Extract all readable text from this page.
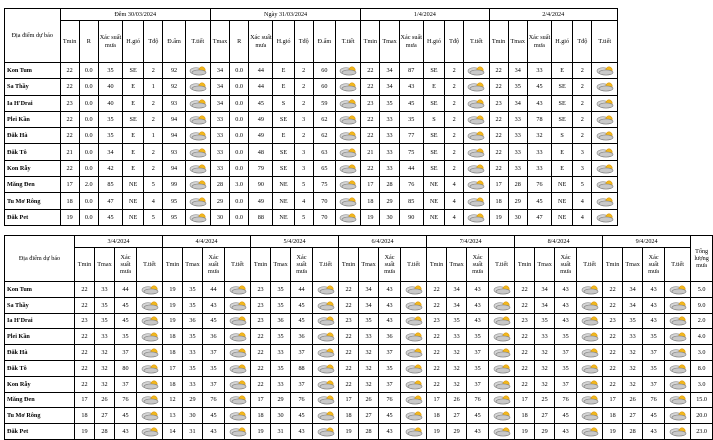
Địa điểm dự báo	Đêm 30/03/2024							Ngày 31/03/2024							1/4/2024						2/4/2024					
	Tmin	R	Xác suất mưa	H.gió	Tđộ	Đ.ẩm	T.tiết	Tmax	R	Xác suất mưa	H.gió	Tđộ	Đ.ẩm	T.tiết	Tmin	Tmax	Xác suất mưa	H.gió	Tđộ	T.tiết	Tmin	Tmax	Xác suất mưa	H.gió	Tđộ	T.tiết
Kon Tum	22	0.0	35	SE	2	92		34	0.0	44	E	2	60		22	34	87	SE	2		22	34	33	E	2	

Sa Thầy	22	0.0	40	E	1	92		34	0.0	44	E	2	60		22	34	43	E	2		22	35	45	SE	2	

Ia H'Drai	23	0.0	40	E	2	93		34	0.0	45	S	2	59		23	35	45	SE	2		23	34	43	SE	2	

Plei Kần	22	0.0	35	SE	2	94		33	0.0	49	SE	3	62		22	33	35	S	2		22	33	78	SE	2	

Đăk Hà	22	0.0	35	E	1	94		33	0.0	49	E	2	62		22	33	77	SE	2		22	33	32	S	2	

Đăk Tô	21	0.0	34	E	2	93		33	0.0	48	SE	3	63		21	33	75	SE	2		22	33	33	E	3	

Kon Rẫy	22	0.0	42	E	2	94		33	0.0	79	SE	3	65		22	33	44	SE	2		22	33	33	E	3	

Măng Đen	17	2.0	85	NE	5	99		28	3.0	90	NE	5	75		17	28	76	NE	4		17	28	76	NE	5	

Tu Mơ Rông	18	0.0	47	NE	4	95		29	0.0	49	NE	4	70		18	29	85	NE	4		18	29	45	NE	4	

Đăk Pet	19	0.0	45	NE	5	95		30	0.0	88	NE	5	70		19	30	90	NE	4		19	30	47	NE	4	
Địa điểm dự báo	3/4/2024				4/4/2024				5/4/2024				6/4/2024				7/4/2024				8/4/2024				9/4/2024				Tổng lượng mưa
	Tmin	Tmax	Xác suất mưa	T.tiết	Tmin	Tmax	Xác suất mưa	T.tiết	Tmin	Tmax	Xác suất mưa	T.tiết	Tmin	Tmax	Xác suất mưa	T.tiết	Tmin	Tmax	Xác suất mưa	T.tiết	Tmin	Tmax	Xác suất mưa	T.tiết	Tmin	Tmax	Xác suất mưa	T.tiết	
Kon Tum	22	33	44		19	35	44		23	35	44		22	34	43		22	34	43		22	34	43		22	34	43		5.0
Sa Thầy	22	35	45		19	35	43		23	35	45		22	34	43		22	34	43		22	34	43		22	34	43		9.0
Ia H'Drai	23	35	45		19	36	45		23	36	45		23	35	43		23	35	43		23	35	43		23	35	43		2.0
Plei Kần	22	33	35		18	35	36		22	35	36		22	33	36		22	33	35		22	33	35		22	33	35		4.0
Đăk Hà	22	32	37		18	33	37		22	33	37		22	32	37		22	32	37		22	32	37		22	32	37		3.0
Đăk Tô	22	32	80		17	35	35		22	35	88		22	32	35		22	32	35		22	32	35		22	32	35		8.0
Kon Rẫy	22	32	37		18	33	37		22	33	37		22	32	37		22	32	37		22	32	37		22	32	37		3.0
Măng Đen	17	26	76		12	29	76		17	29	76		17	26	76		17	26	76		17	25	76		17	26	76		15.0
Tu Mơ Rông	18	27	45		13	30	45		18	30	45		18	27	45		18	27	45		18	27	45		18	27	45		20.0
Đăk Pet	19	28	43		14	31	43		19	31	43		19	28	43		19	29	43		19	29	43		19	28	43		23.0
